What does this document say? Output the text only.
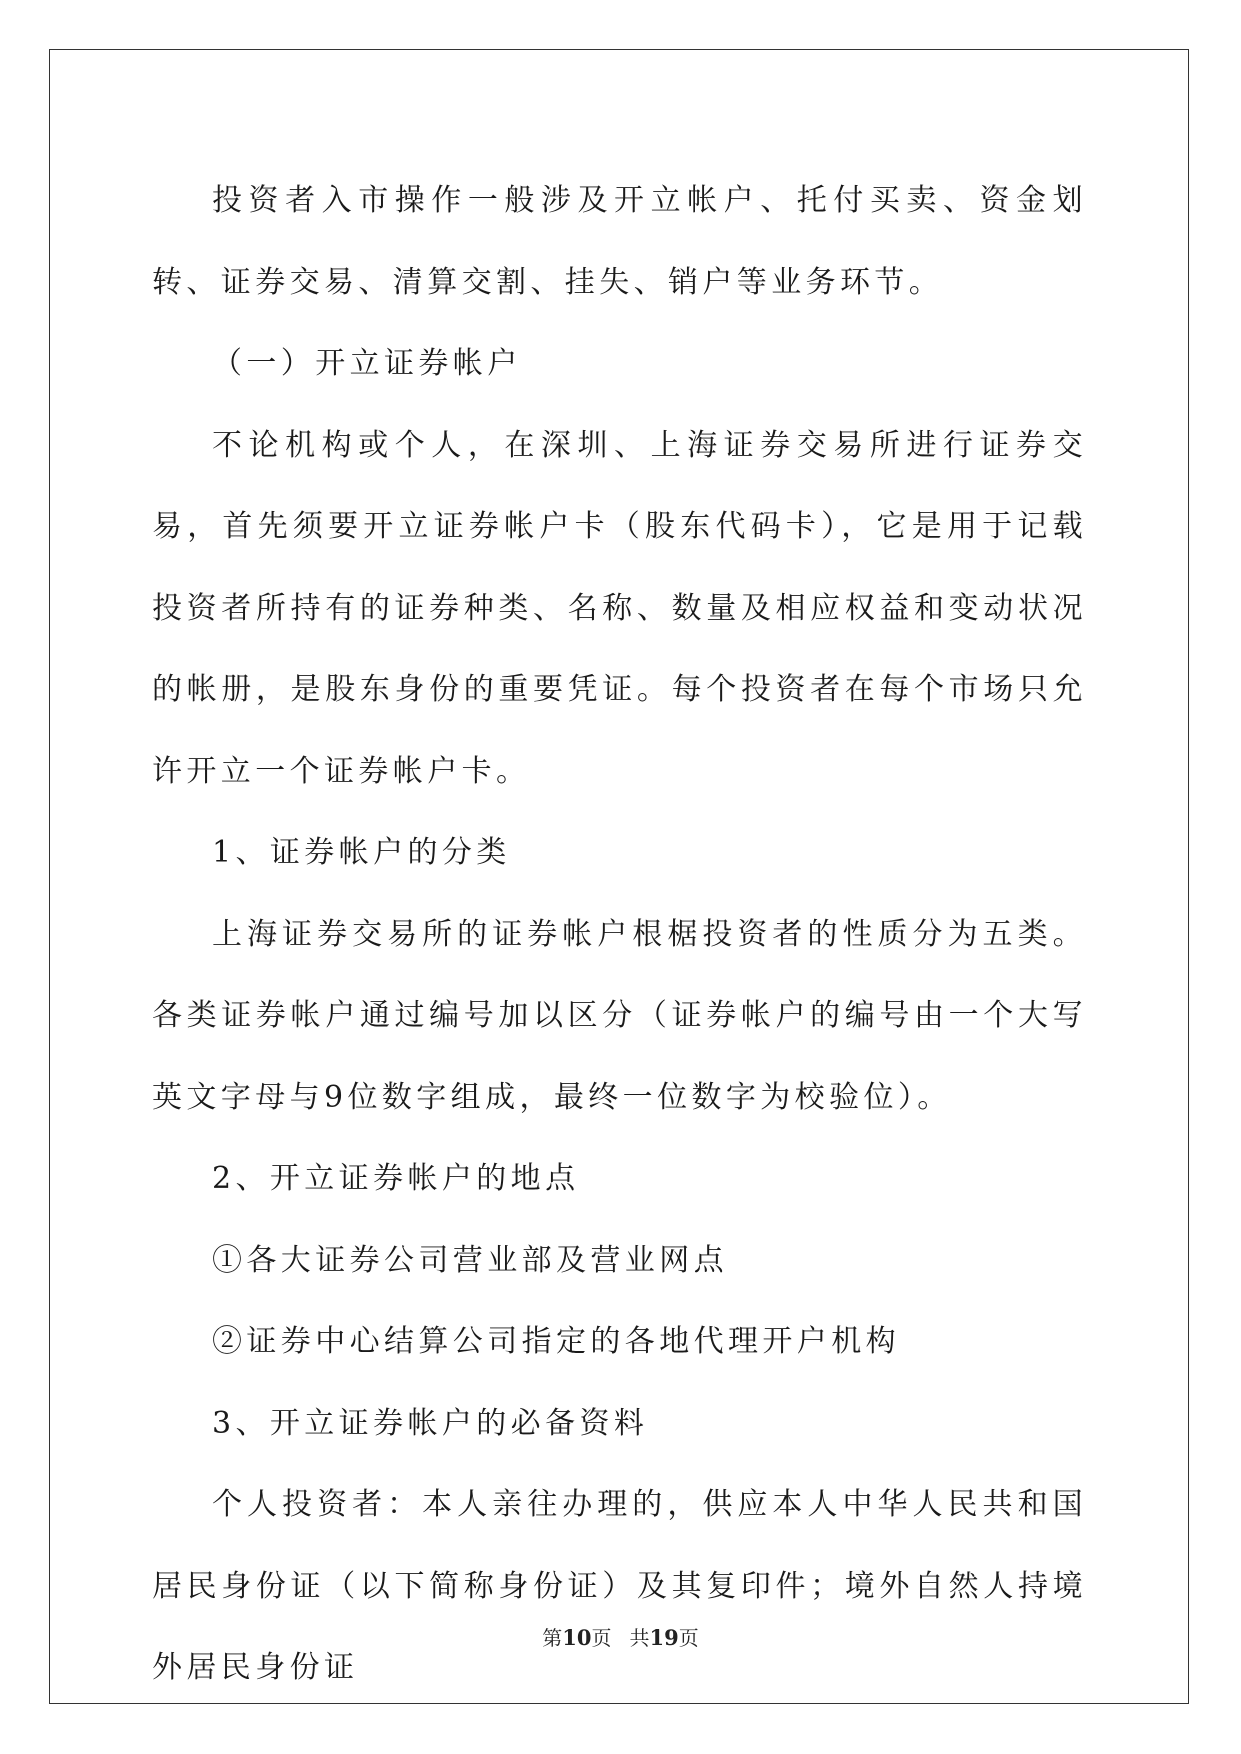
投资者入市操作一般涉及开立帐户、托付买卖、资金划转、证券交易、清算交割、挂失、销户等业务环节。

（一）开立证券帐户

不论机构或个人，在深圳、上海证券交易所进行证券交易，首先须要开立证券帐户卡（股东代码卡），它是用于记载投资者所持有的证券种类、名称、数量及相应权益和变动状况的帐册，是股东身份的重要凭证。每个投资者在每个市场只允许开立一个证券帐户卡。

1、证券帐户的分类

上海证券交易所的证券帐户根椐投资者的性质分为五类。各类证券帐户通过编号加以区分（证券帐户的编号由一个大写英文字母与9位数字组成，最终一位数字为校验位）。

2、开立证券帐户的地点

①各大证券公司营业部及营业网点

②证券中心结算公司指定的各地代理开户机构

3、开立证券帐户的必备资料

个人投资者：本人亲往办理的，供应本人中华人民共和国居民身份证（以下简称身份证）及其复印件；境外自然人持境外居民身份证

第10页 共19页
